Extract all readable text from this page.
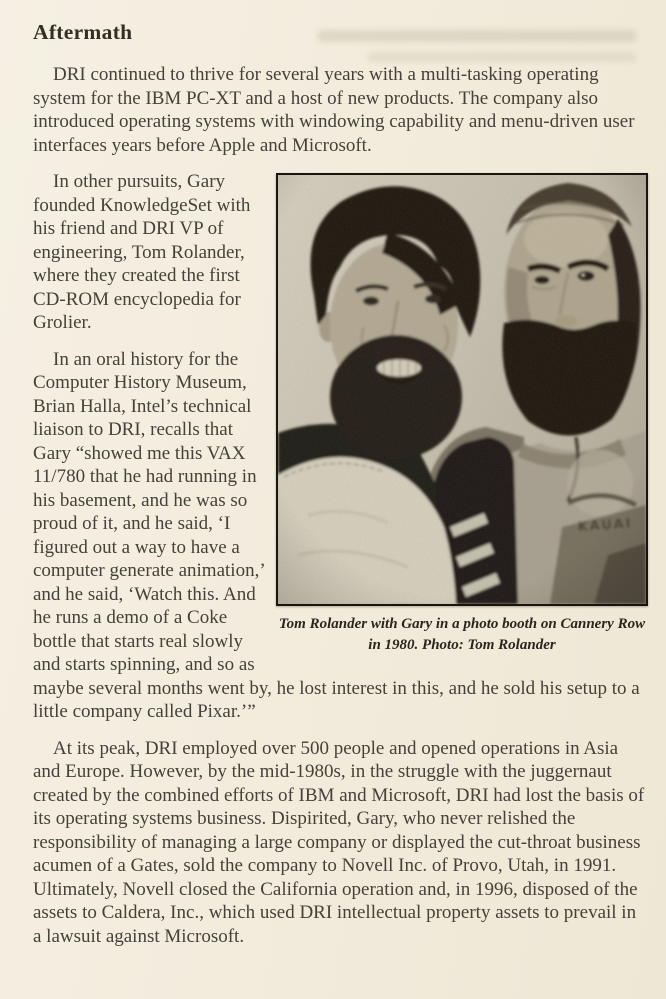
Aftermath

DRI continued to thrive for several years with a multi-tasking operating system for the IBM PC-XT and a host of new products. The company also introduced operating systems with windowing capability and menu-driven user interfaces years before Apple and Microsoft.

Tom Rolander with Gary in a photo booth on Cannery Row in 1980. Photo: Tom Rolander

In other pursuits, Gary founded KnowledgeSet with his friend and DRI VP of engineering, Tom Rolander, where they created the first CD-ROM encyclopedia for Grolier.

In an oral history for the Computer History Museum, Brian Halla, Intel’s technical liaison to DRI, recalls that Gary “showed me this VAX 11/780 that he had running in his basement, and he was so proud of it, and he said, ‘I figured out a way to have a computer generate animation,’ and he said, ‘Watch this. And he runs a demo of a Coke bottle that starts real slowly and starts spinning, and so as maybe several months went by, he lost interest in this, and he sold his setup to a little company called Pixar.’”

At its peak, DRI employed over 500 people and opened operations in Asia and Europe. However, by the mid-1980s, in the struggle with the juggernaut created by the combined efforts of IBM and Microsoft, DRI had lost the basis of its operating systems business. Dispirited, Gary, who never relished the responsibility of managing a large company or displayed the cut-throat business acumen of a Gates, sold the company to Novell Inc. of Provo, Utah, in 1991. Ultimately, Novell closed the California operation and, in 1996, disposed of the assets to Caldera, Inc., which used DRI intellectual property assets to prevail in a lawsuit against Microsoft.
